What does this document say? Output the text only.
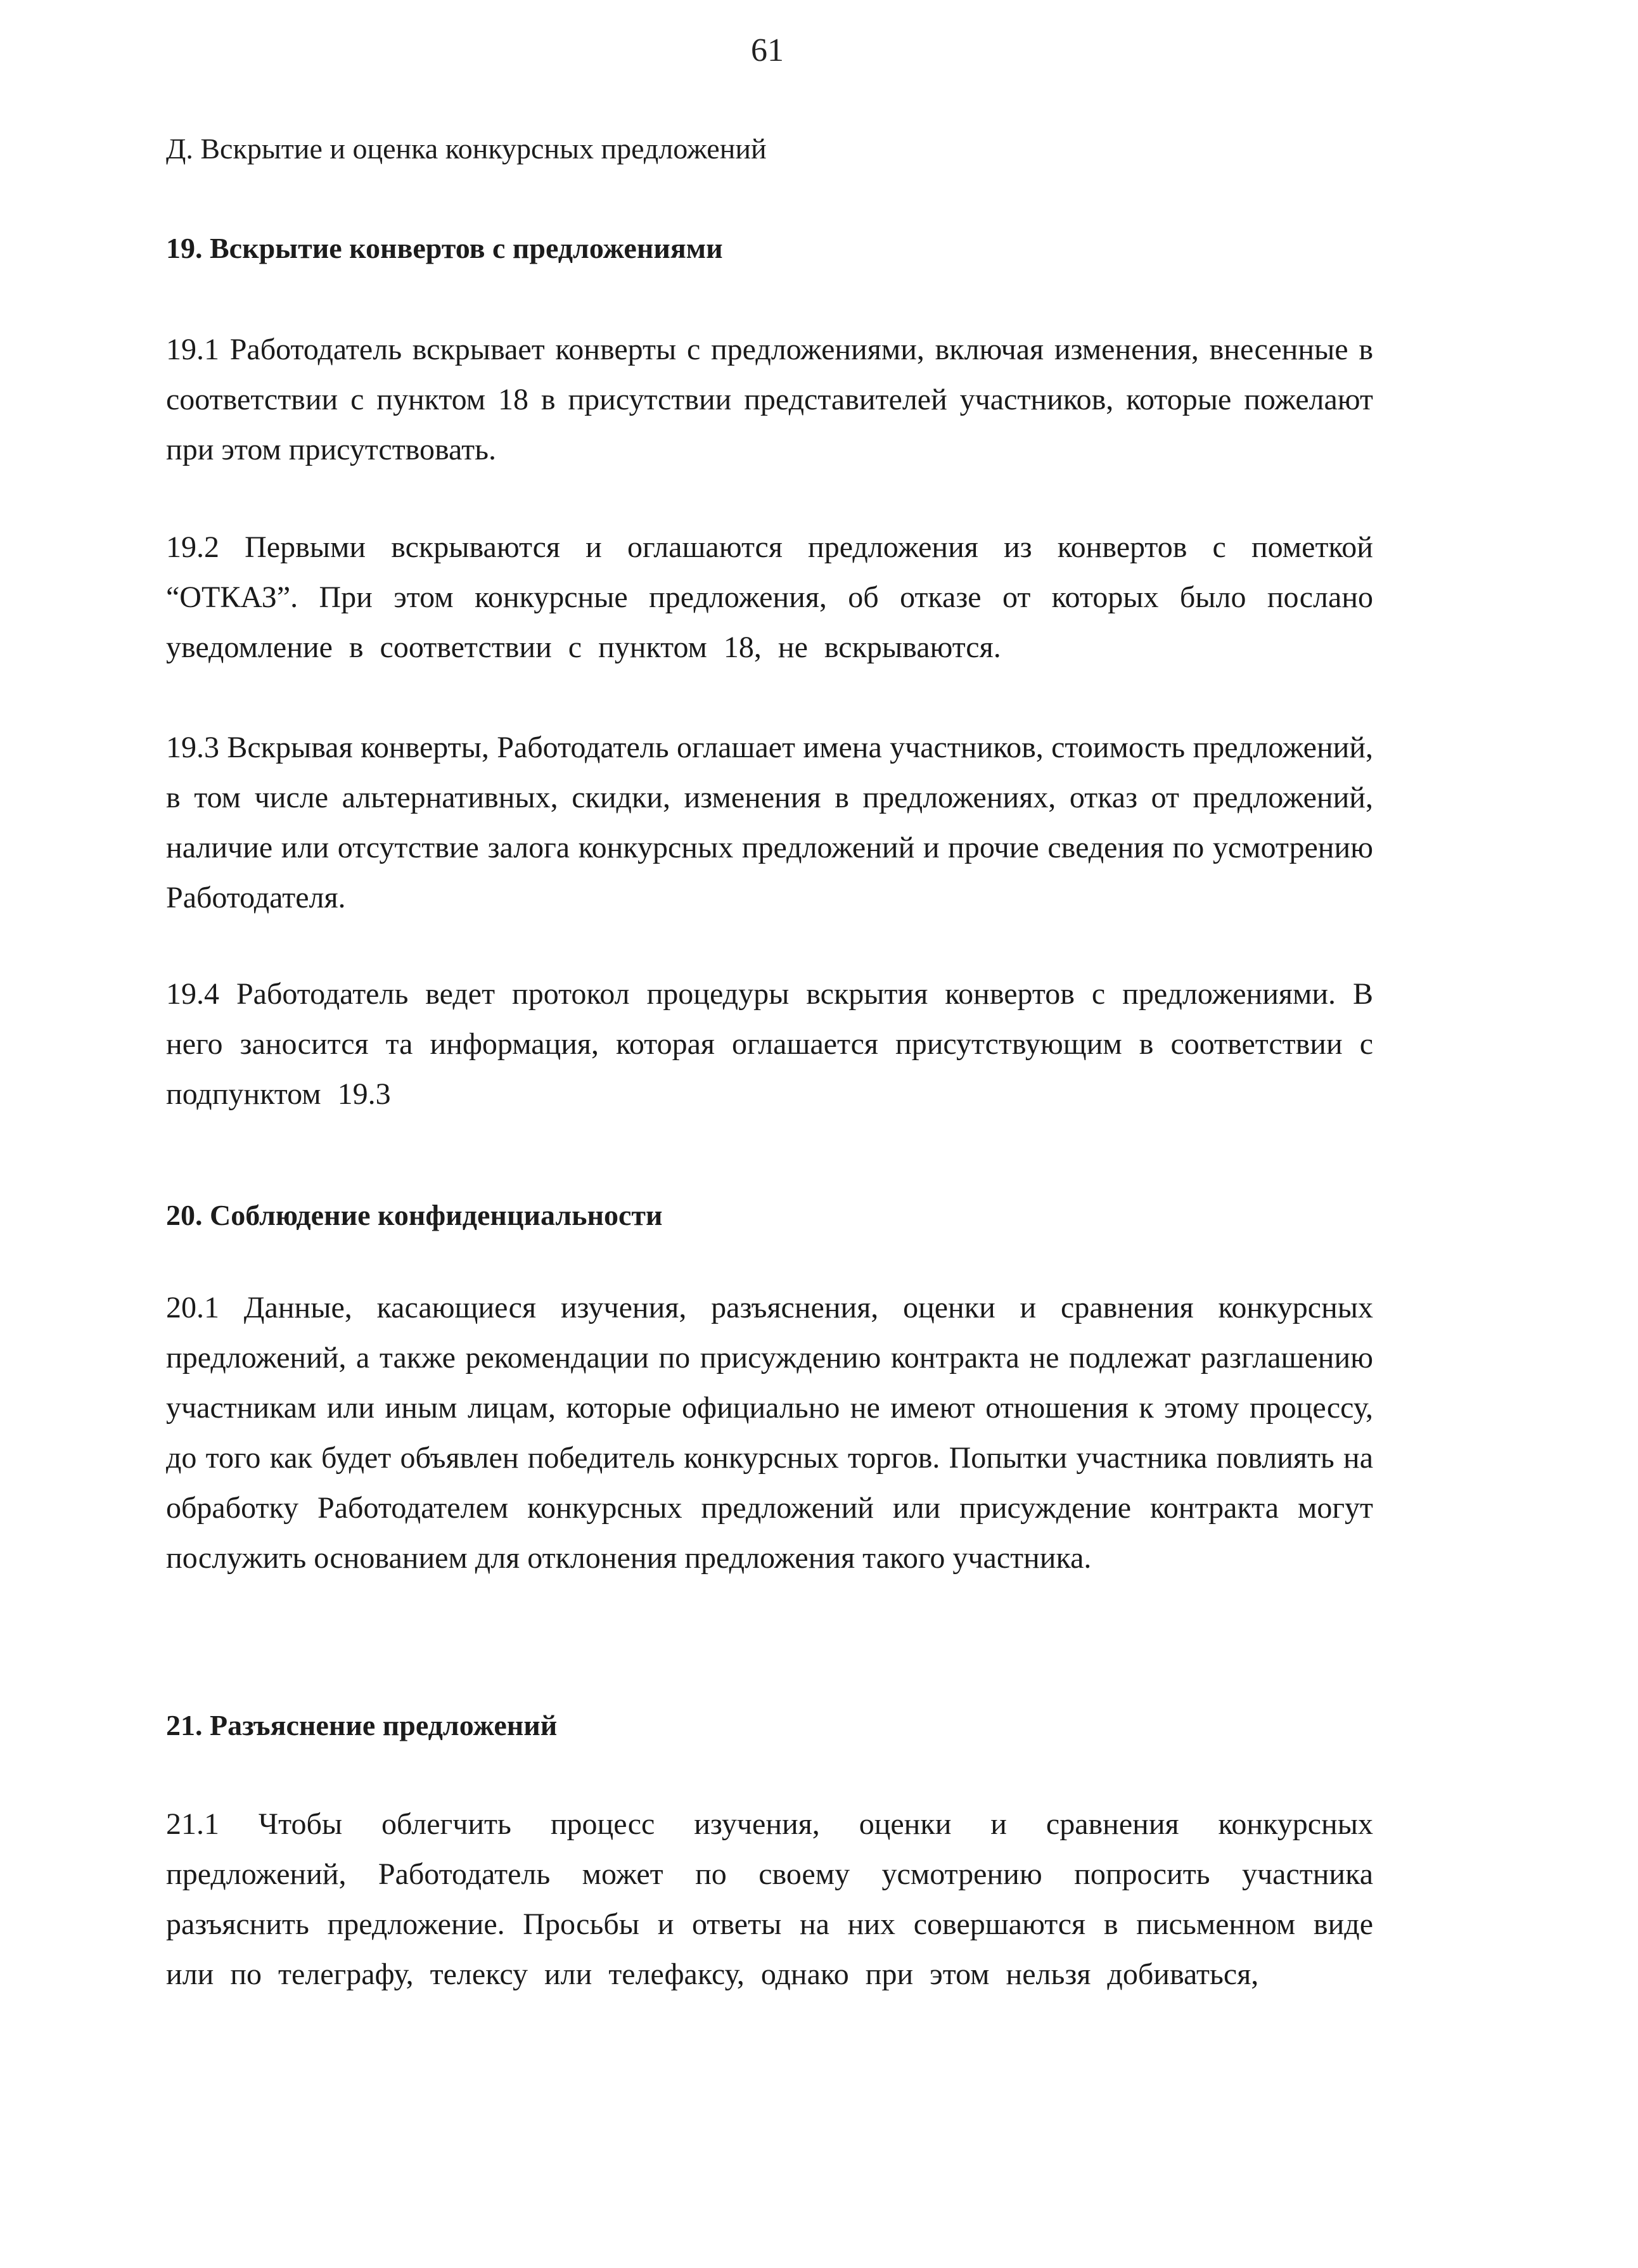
61
Д. Вскрытие и оценка конкурсных предложений
19. Вскрытие конвертов с предложениями

19.1 Работодатель вскрывает конверты с предложениями, включая изменения, внесенные в соответствии с пунктом 18 в присутствии представителей участников, которые пожелают при этом присутствовать.

19.2 Первыми вскрываются и оглашаются предложения из конвертов с пометкой “ОТКАЗ”. При этом конкурсные предложения, об отказе от которых было послано уведомление в соответствии с пунктом 18, не вскрываются.

19.3 Вскрывая конверты, Работодатель оглашает имена участников, стоимость предложений, в том числе альтернативных, скидки, изменения в предложениях, отказ от предложений, наличие или отсутствие залога конкурсных предложений и прочие сведения по усмотрению Работодателя.

19.4 Работодатель ведет протокол процедуры вскрытия конвертов с предложениями. В него заносится та информация, которая оглашается присутствующим в соответствии с подпунктом 19.3

20. Соблюдение конфиденциальности

20.1 Данные, касающиеся изучения, разъяснения, оценки и сравнения конкурсных предложений, а также рекомендации по присуждению контракта не подлежат разглашению участникам или иным лицам, которые официально не имеют отношения к этому процессу, до того как будет объявлен победитель конкурсных торгов. Попытки участника повлиять на обработку Работодателем конкурсных предложений или присуждение контракта могут послужить основанием для отклонения предложения такого участника.

21. Разъяснение предложений

21.1 Чтобы облегчить процесс изучения, оценки и сравнения конкурсных предложений, Работодатель может по своему усмотрению попросить участника разъяснить предложение. Просьбы и ответы на них совершаются в письменном виде или по телеграфу, телексу или телефаксу, однако при этом нельзя добиваться,
